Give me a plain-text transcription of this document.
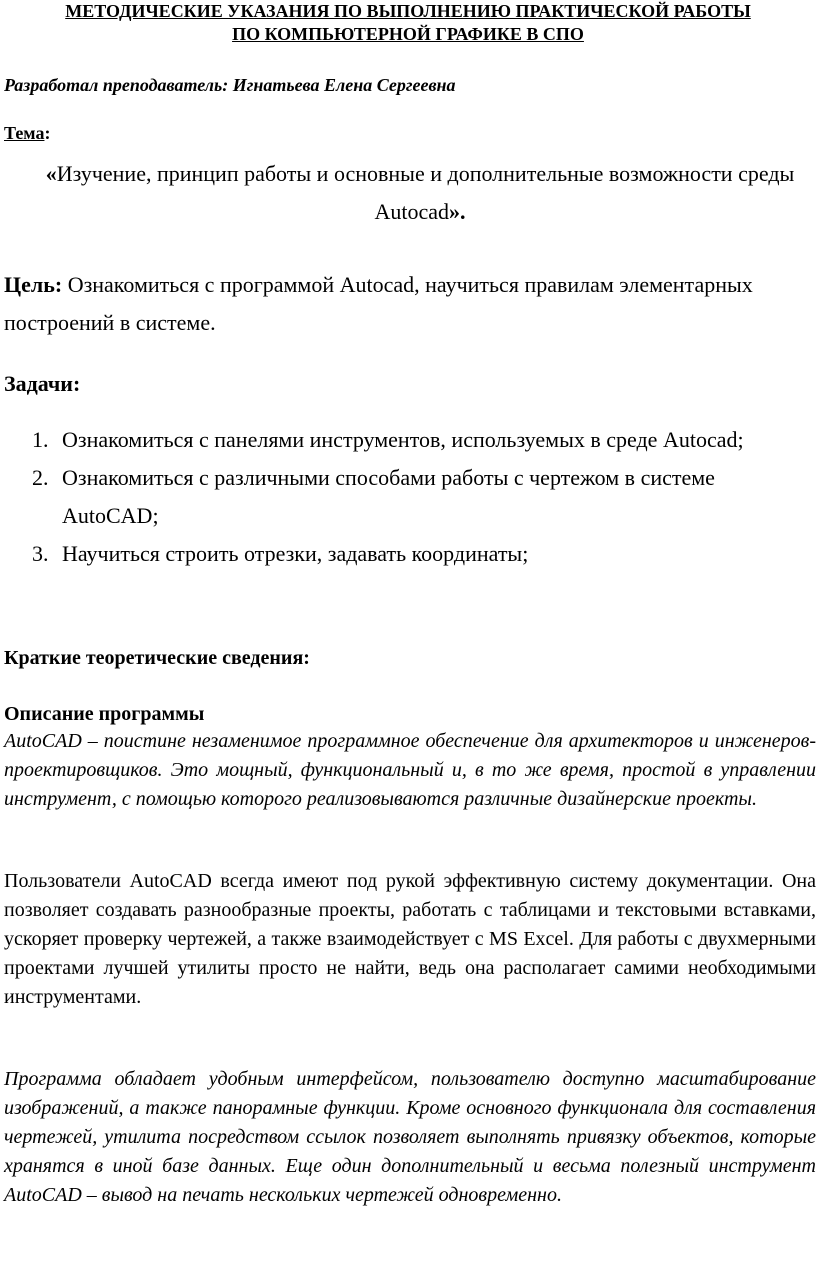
МЕТОДИЧЕСКИЕ УКАЗАНИЯ ПО ВЫПОЛНЕНИЮ ПРАКТИЧЕСКОЙ РАБОТЫ
ПО КОМПЬЮТЕРНОЙ ГРАФИКЕ В СПО
Разработал преподаватель: Игнатьева Елена Сергеевна
Тема:
«Изучение, принцип работы и основные и дополнительные возможности среды Autocad».
Цель: Ознакомиться с программой Autocad, научиться правилам элементарных построений в системе.
Задачи:
1. Ознакомиться с панелями инструментов, используемых в среде Autocad;
2. Ознакомиться с различными способами работы с чертежом в системе AutoCAD;
3. Научиться строить отрезки, задавать координаты;
Краткие теоретические сведения:
Описание программы
AutoCAD – поистине незаменимое программное обеспечение для архитекторов и инженеров-проектировщиков. Это мощный, функциональный и, в то же время, простой в управлении инструмент, с помощью которого реализовываются различные дизайнерские проекты.
Пользователи AutoCAD всегда имеют под рукой эффективную систему документации. Она позволяет создавать разнообразные проекты, работать с таблицами и текстовыми вставками, ускоряет проверку чертежей, а также взаимодействует с MS Excel. Для работы с двухмерными проектами лучшей утилиты просто не найти, ведь она располагает самими необходимыми инструментами.
Программа обладает удобным интерфейсом, пользователю доступно масштабирование изображений, а также панорамные функции. Кроме основного функционала для составления чертежей, утилита посредством ссылок позволяет выполнять привязку объектов, которые хранятся в иной базе данных. Еще один дополнительный и весьма полезный инструмент AutoCAD – вывод на печать нескольких чертежей одновременно.
